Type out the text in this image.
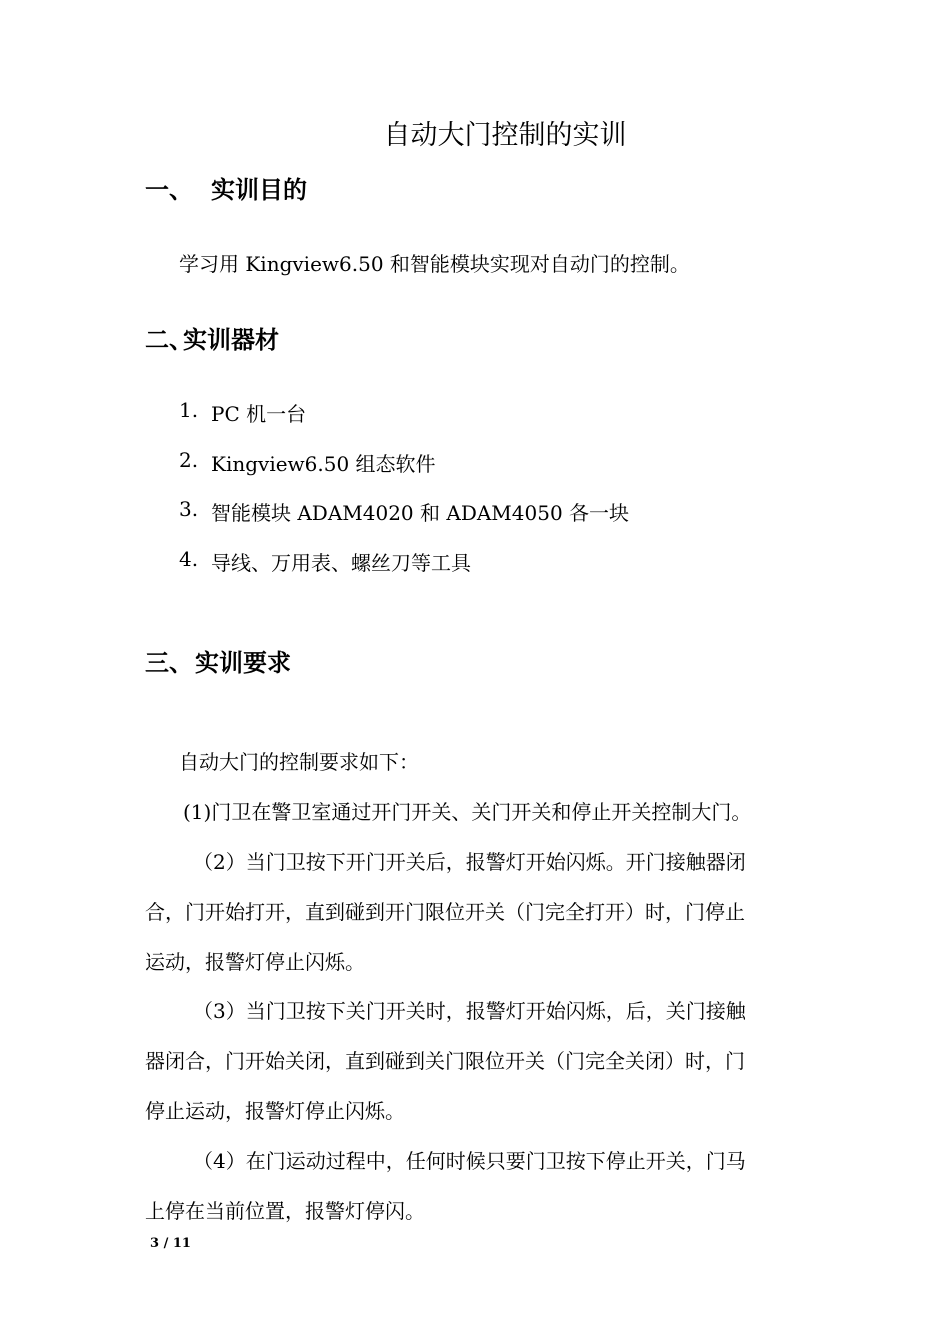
自动大门控制的实训
一、 实训目的
学习用 Kingview6.50 和智能模块实现对自动门的控制。
二、
实训器材
1. PC 机一台
2. Kingview6.50 组态软件
3. 智能模块 ADAM4020 和 ADAM4050 各一块
4. 导线、万用表、螺丝刀等工具
三、 实训要求
自动大门的控制要求如下：
(1)门卫在警卫室通过开门开关、关门开关和停止开关控制大门。
（2）当门卫按下开门开关后，报警灯开始闪烁。开门接触器闭
合，门开始打开，直到碰到开门限位开关（门完全打开）时，门停止
运动，报警灯停止闪烁。
（3）当门卫按下关门开关时，报警灯开始闪烁，后，关门接触
器闭合，门开始关闭，直到碰到关门限位开关（门完全关闭）时，门
停止运动，报警灯停止闪烁。
（4）在门运动过程中，任何时候只要门卫按下停止开关，门马
上停在当前位置，报警灯停闪。
3 / 11
